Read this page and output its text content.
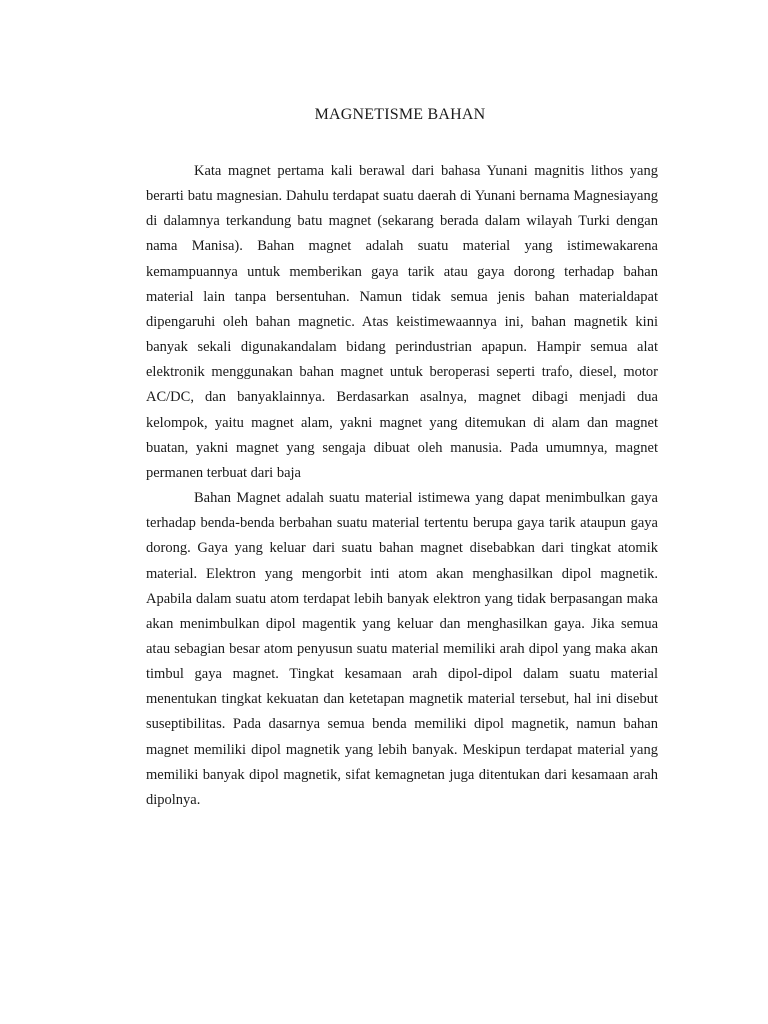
MAGNETISME BAHAN

Kata magnet pertama kali berawal dari bahasa Yunani magnitis lithos yang berarti batu magnesian. Dahulu terdapat suatu daerah di Yunani bernama Magnesiayang di dalamnya terkandung batu magnet (sekarang berada dalam wilayah Turki dengan nama Manisa). Bahan magnet adalah suatu material yang istimewakarena kemampuannya untuk memberikan gaya tarik atau gaya dorong terhadap bahan material lain tanpa bersentuhan. Namun tidak semua jenis bahan materialdapat dipengaruhi oleh bahan magnetic. Atas keistimewaannya ini, bahan magnetik kini banyak sekali digunakandalam bidang perindustrian apapun. Hampir semua alat elektronik menggunakan bahan magnet untuk beroperasi seperti trafo, diesel, motor AC/DC, dan banyaklainnya. Berdasarkan asalnya, magnet dibagi menjadi dua kelompok, yaitu magnet alam, yakni magnet yang ditemukan di alam dan magnet buatan, yakni magnet yang sengaja dibuat oleh manusia. Pada umumnya, magnet permanen terbuat dari baja

Bahan Magnet adalah suatu material istimewa yang dapat menimbulkan gaya terhadap benda-benda berbahan suatu material tertentu berupa gaya tarik ataupun gaya dorong. Gaya yang keluar dari suatu bahan magnet disebabkan dari tingkat atomik material. Elektron yang mengorbit inti atom akan menghasilkan dipol magnetik. Apabila dalam suatu atom terdapat lebih banyak elektron yang tidak berpasangan maka akan menimbulkan dipol magentik yang keluar dan menghasilkan gaya. Jika semua atau sebagian besar atom penyusun suatu material memiliki arah dipol yang maka akan timbul gaya magnet. Tingkat kesamaan arah dipol-dipol dalam suatu material menentukan tingkat kekuatan dan ketetapan magnetik material tersebut, hal ini disebut suseptibilitas. Pada dasarnya semua benda memiliki dipol magnetik, namun bahan magnet memiliki dipol magnetik yang lebih banyak. Meskipun terdapat material yang memiliki banyak dipol magnetik, sifat kemagnetan juga ditentukan dari kesamaan arah dipolnya.
